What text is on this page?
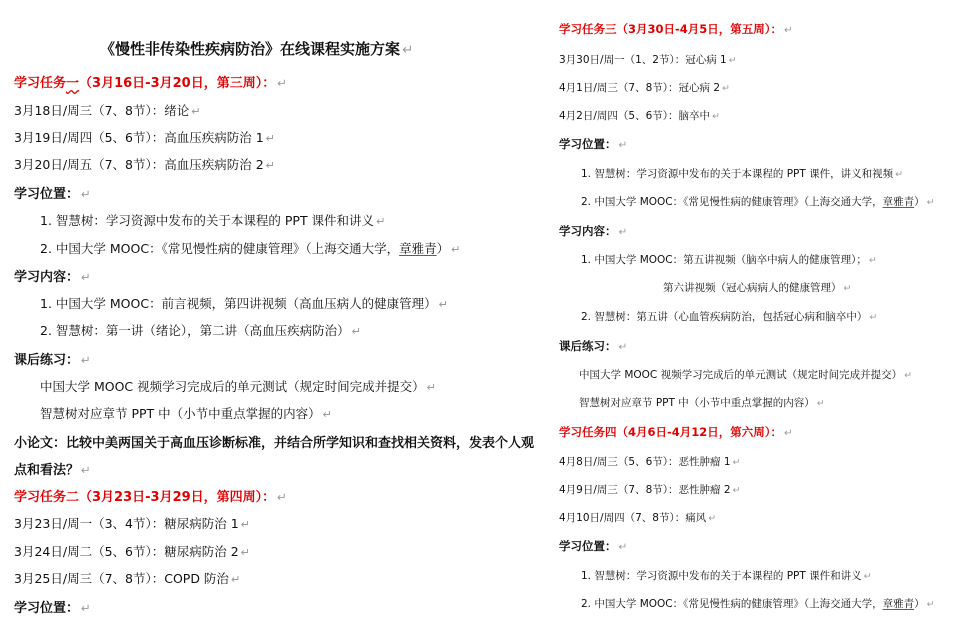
《慢性非传染性疾病防治》在线课程实施方案 ↵
学习任务一（3月16日-3月20日，第三周）： ↵
3月18日/周三（7、8节）：绪论 ↵
3月19日/周四（5、6节）：高血压疾病防治 1 ↵
3月20日/周五（7、8节）：高血压疾病防治 2 ↵
学习位置： ↵
1. 智慧树：学习资源中发布的关于本课程的 PPT 课件和讲义 ↵
2. 中国大学 MOOC：《常见慢性病的健康管理》（上海交通大学，章雅青） ↵
学习内容： ↵
1. 中国大学 MOOC：前言视频，第四讲视频（高血压病人的健康管理） ↵
2. 智慧树：第一讲（绪论），第二讲（高血压疾病防治） ↵
课后练习： ↵
中国大学 MOOC 视频学习完成后的单元测试（规定时间完成并提交） ↵
智慧树对应章节 PPT 中（小节中重点掌握的内容） ↵
小论文：比较中美两国关于高血压诊断标准，并结合所学知识和查找相关资料，发表个人观
点和看法？ ↵
学习任务二（3月23日-3月29日，第四周）： ↵
3月23日/周一（3、4节）：糖尿病防治 1 ↵
3月24日/周二（5、6节）：糖尿病防治 2 ↵
3月25日/周三（7、8节）：COPD 防治 ↵
学习位置： ↵
学习任务三（3月30日-4月5日，第五周）： ↵
3月30日/周一（1、2节）：冠心病 1 ↵
4月1日/周三（7、8节）：冠心病 2 ↵
4月2日/周四（5、6节）：脑卒中 ↵
学习位置： ↵
1. 智慧树：学习资源中发布的关于本课程的 PPT 课件，讲义和视频 ↵
2. 中国大学 MOOC：《常见慢性病的健康管理》（上海交通大学，章雅青） ↵
学习内容： ↵
1. 中国大学 MOOC：第五讲视频（脑卒中病人的健康管理）； ↵
第六讲视频（冠心病病人的健康管理） ↵
2. 智慧树：第五讲（心血管疾病防治，包括冠心病和脑卒中） ↵
课后练习： ↵
中国大学 MOOC 视频学习完成后的单元测试（规定时间完成并提交） ↵
智慧树对应章节 PPT 中（小节中重点掌握的内容） ↵
学习任务四（4月6日-4月12日，第六周）： ↵
4月8日/周三（5、6节）：恶性肿瘤 1 ↵
4月9日/周三（7、8节）：恶性肿瘤 2 ↵
4月10日/周四（7、8节）：痛风 ↵
学习位置： ↵
1. 智慧树：学习资源中发布的关于本课程的 PPT 课件和讲义 ↵
2. 中国大学 MOOC：《常见慢性病的健康管理》（上海交通大学，章雅青） ↵
